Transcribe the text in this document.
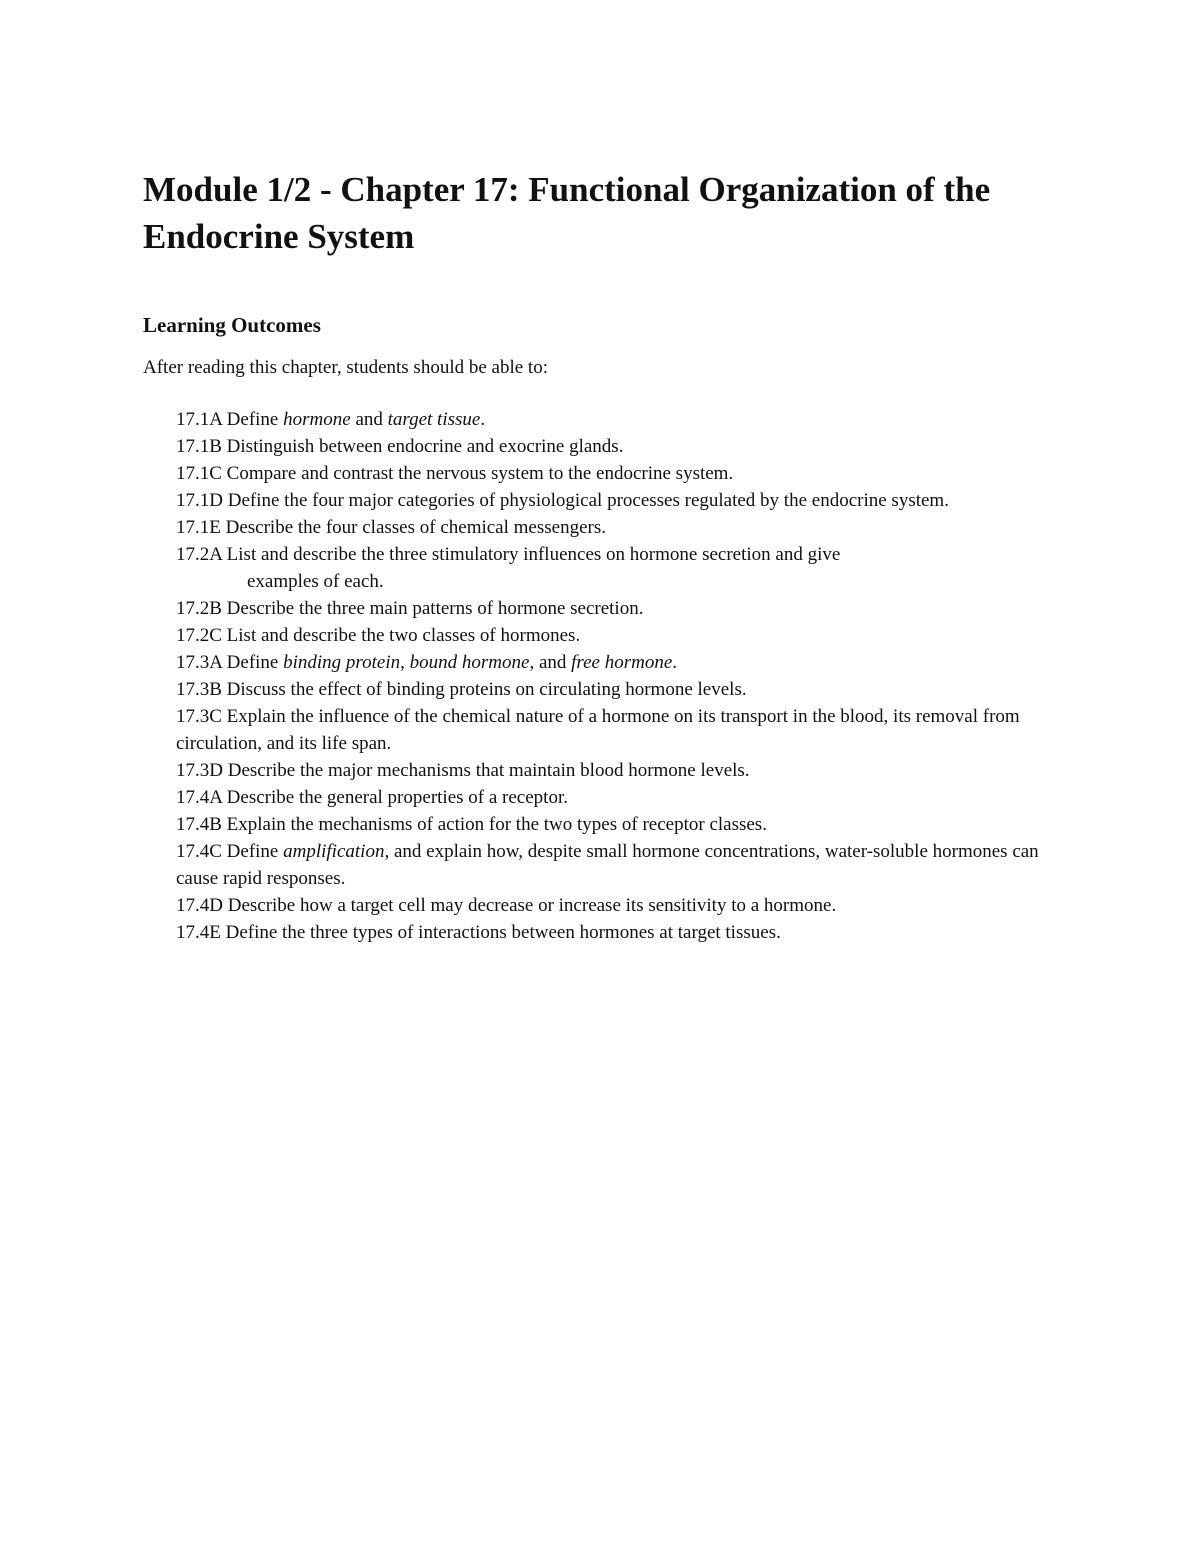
Module 1/2 - Chapter 17: Functional Organization of the Endocrine System
Learning Outcomes

After reading this chapter, students should be able to:

17.1A Define hormone and target tissue.
17.1B Distinguish between endocrine and exocrine glands.
17.1C Compare and contrast the nervous system to the endocrine system.
17.1D Define the four major categories of physiological processes regulated by the endocrine system.
17.1E Describe the four classes of chemical messengers.
17.2A List and describe the three stimulatory influences on hormone secretion and give
examples of each.
17.2B Describe the three main patterns of hormone secretion.
17.2C List and describe the two classes of hormones.
17.3A Define binding protein, bound hormone, and free hormone.
17.3B Discuss the effect of binding proteins on circulating hormone levels.
17.3C Explain the influence of the chemical nature of a hormone on its transport in the blood, its removal from circulation, and its life span.
17.3D Describe the major mechanisms that maintain blood hormone levels.
17.4A Describe the general properties of a receptor.
17.4B Explain the mechanisms of action for the two types of receptor classes.
17.4C Define amplification, and explain how, despite small hormone concentrations, water-soluble hormones can cause rapid responses.
17.4D Describe how a target cell may decrease or increase its sensitivity to a hormone.
17.4E Define the three types of interactions between hormones at target tissues.
